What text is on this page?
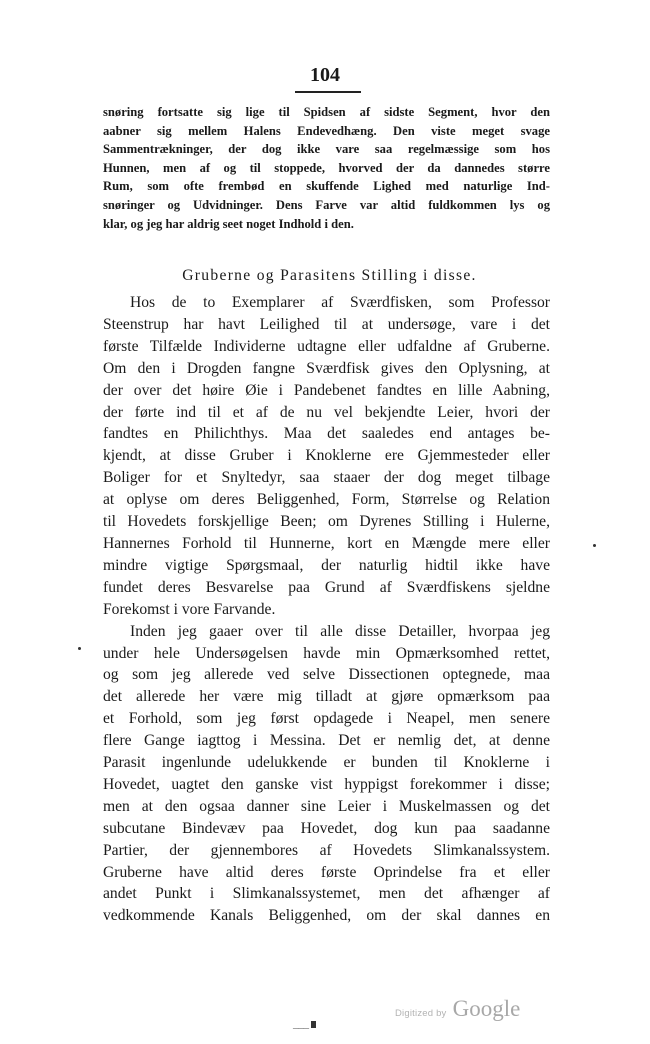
104
snøring fortsatte sig lige til Spidsen af sidste Segment, hvor den
aabner sig mellem Halens Endevedhæng. Den viste meget svage
Sammentrækninger, der dog ikke vare saa regelmæssige som hos
Hunnen, men af og til stoppede, hvorved der da dannedes større
Rum, som ofte frembød en skuffende Lighed med naturlige Ind-
snøringer og Udvidninger. Dens Farve var altid fuldkommen lys og
klar, og jeg har aldrig seet noget Indhold i den.
Gruberne og Parasitens Stilling i disse.
Hos de to Exemplarer af Sværdfisken, som Professor
Steenstrup har havt Leilighed til at undersøge, vare i det
første Tilfælde Individerne udtagne eller udfaldne af Gruberne.
Om den i Drogden fangne Sværdfisk gives den Oplysning, at
der over det høire Øie i Pandebenet fandtes en lille Aabning,
der førte ind til et af de nu vel bekjendte Leier, hvori der
fandtes en Philichthys. Maa det saaledes end antages be-
kjendt, at disse Gruber i Knoklerne ere Gjemmesteder eller
Boliger for et Snyltedyr, saa staaer der dog meget tilbage
at oplyse om deres Beliggenhed, Form, Størrelse og Relation
til Hovedets forskjellige Been; om Dyrenes Stilling i Hulerne,
Hannernes Forhold til Hunnerne, kort en Mængde mere eller
mindre vigtige Spørgsmaal, der naturlig hidtil ikke have
fundet deres Besvarelse paa Grund af Sværdfiskens sjeldne
Forekomst i vore Farvande.
Inden jeg gaaer over til alle disse Detailler, hvorpaa jeg
under hele Undersøgelsen havde min Opmærksomhed rettet,
og som jeg allerede ved selve Dissectionen optegnede, maa
det allerede her være mig tilladt at gjøre opmærksom paa
et Forhold, som jeg først opdagede i Neapel, men senere
flere Gange iagttog i Messina. Det er nemlig det, at denne
Parasit ingenlunde udelukkende er bunden til Knoklerne i
Hovedet, uagtet den ganske vist hyppigst forekommer i disse;
men at den ogsaa danner sine Leier i Muskelmassen og det
subcutane Bindevæv paa Hovedet, dog kun paa saadanne
Partier, der gjennembores af Hovedets Slimkanalssystem.
Gruberne have altid deres første Oprindelse fra et eller
andet Punkt i Slimkanalssystemet, men det afhænger af
vedkommende Kanals Beliggenhed, om der skal dannes en
___
Digitized by Google
